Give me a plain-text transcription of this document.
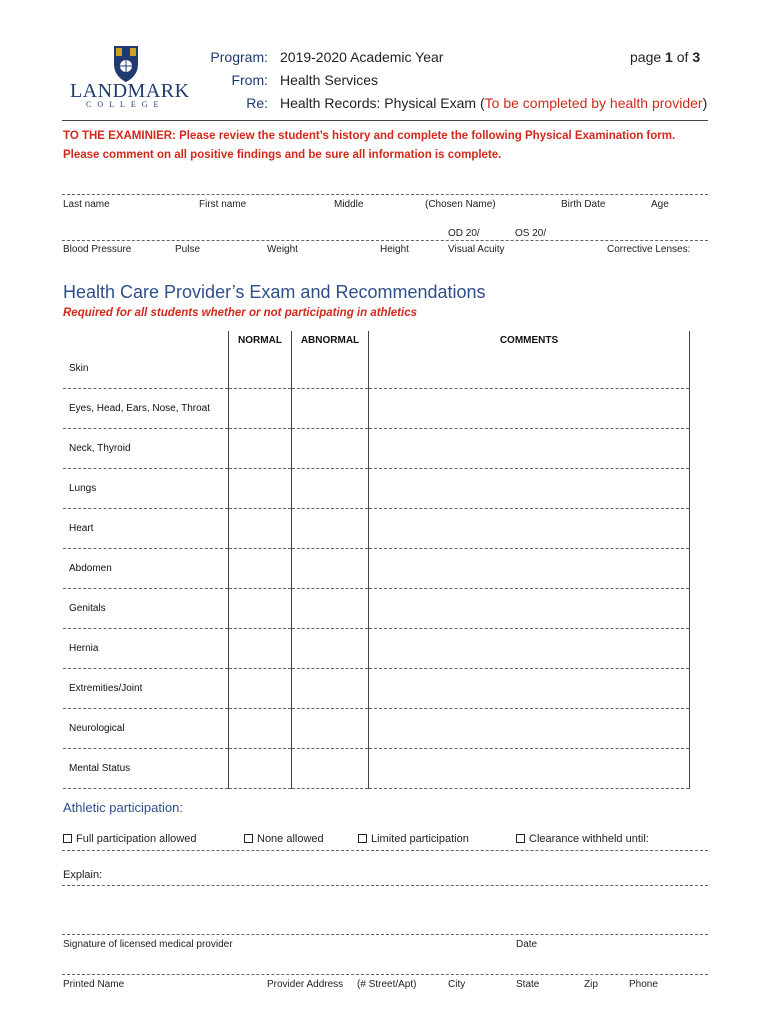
LANDMARK
COLLEGE
Program: 2019-2020 Academic Year
From: Health Services
Re: Health Records: Physical Exam (To be completed by health provider)
page 1 of 3
TO THE EXAMINIER: Please review the student’s history and complete the following Physical Examination form.
Please comment on all positive findings and be sure all information is complete.
Last name	First name	Middle	(Chosen Name)	Birth Date	Age
OD 20/	OS 20/
Blood Pressure	Pulse	Weight	Height	Visual Acuity	Corrective Lenses:
Health Care Provider’s Exam and Recommendations
Required for all students whether or not participating in athletics
	NORMAL	ABNORMAL	COMMENTS
Skin			
Eyes, Head, Ears, Nose, Throat			
Neck, Thyroid			
Lungs			
Heart			
Abdomen			
Genitals			
Hernia			
Extremities/Joint			
Neurological			
Mental Status			
Athletic participation:
Full participation allowed	None allowed	Limited participation	Clearance withheld until:
Explain:
Signature of licensed medical provider	Date
Printed Name	Provider Address (# Street/Apt)	City	State	Zip	Phone
